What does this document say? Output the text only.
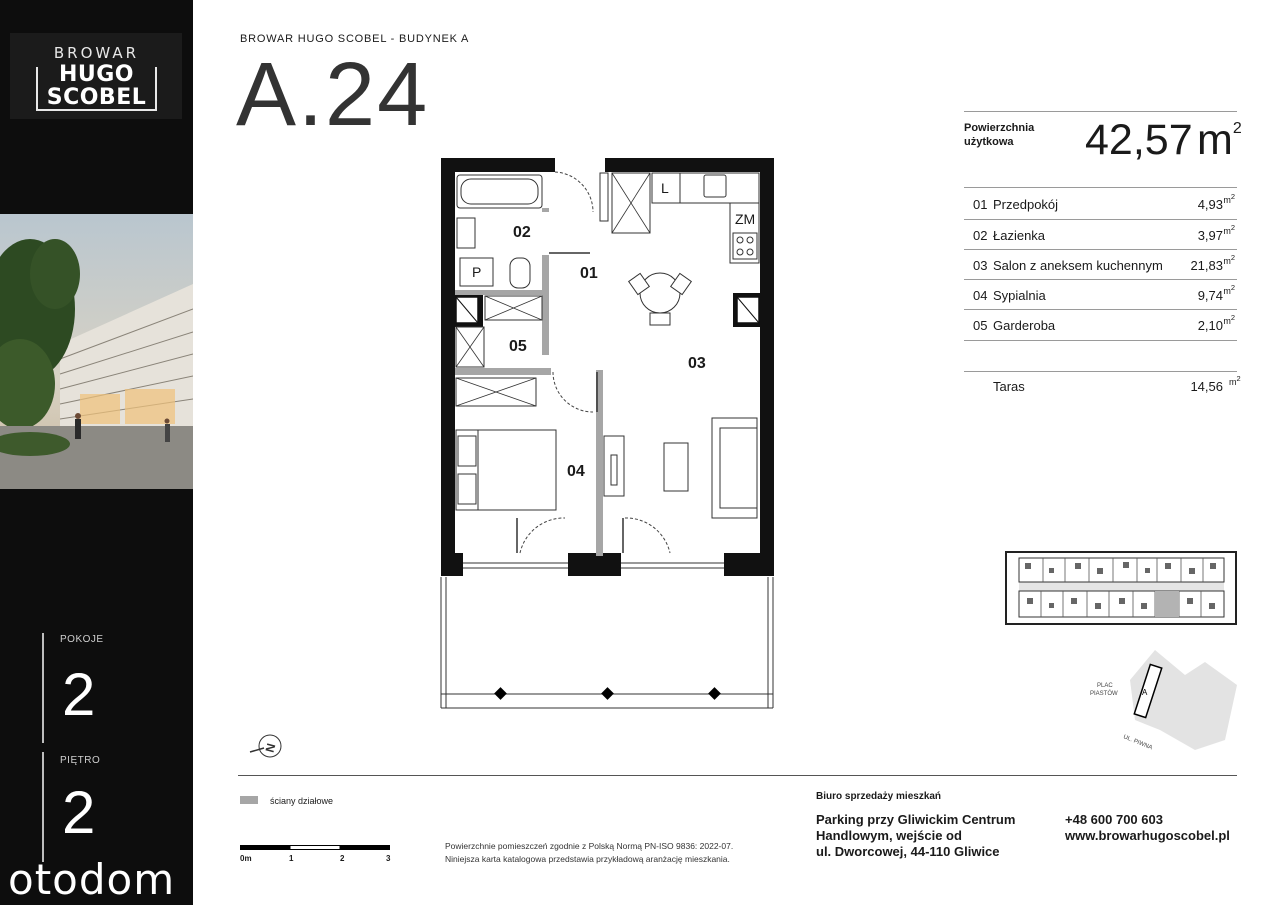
BROWAR
HUGO
SCOBEL
POKOJE
2
PIĘTRO
2
otodom
BROWAR HUGO SCOBEL - BUDYNEK A
A.24
02
01
03
05
04
P
L
ZM
N
Powierzchnia użytkowa	42,57 $m^2$
01 Przedpokój	4,93 $m^2$
02 Łazienka	3,97 $m^2$
03 Salon z aneksem kuchennym 21,83 $m^2$
04 Sypialnia	9,74 $m^2$
05 Garderoba	2,10 $m^2$
Taras	14,56 $m^2$
A
PLAC
PIASTÓW
UL. PIWNA
ściany działowe
0m	1	2	3
Powierzchnie pomieszczeń zgodnie z Polską Normą PN-ISO 9836: 2022-07.
Niniejsza karta katalogowa przedstawia przykładową aranżację mieszkania.
Biuro sprzedaży mieszkań
Parking przy Gliwickim Centrum
Handlowym, wejście od
ul. Dworcowej, 44-110 Gliwice
+48 600 700 603
www.browarhugoscobel.pl
